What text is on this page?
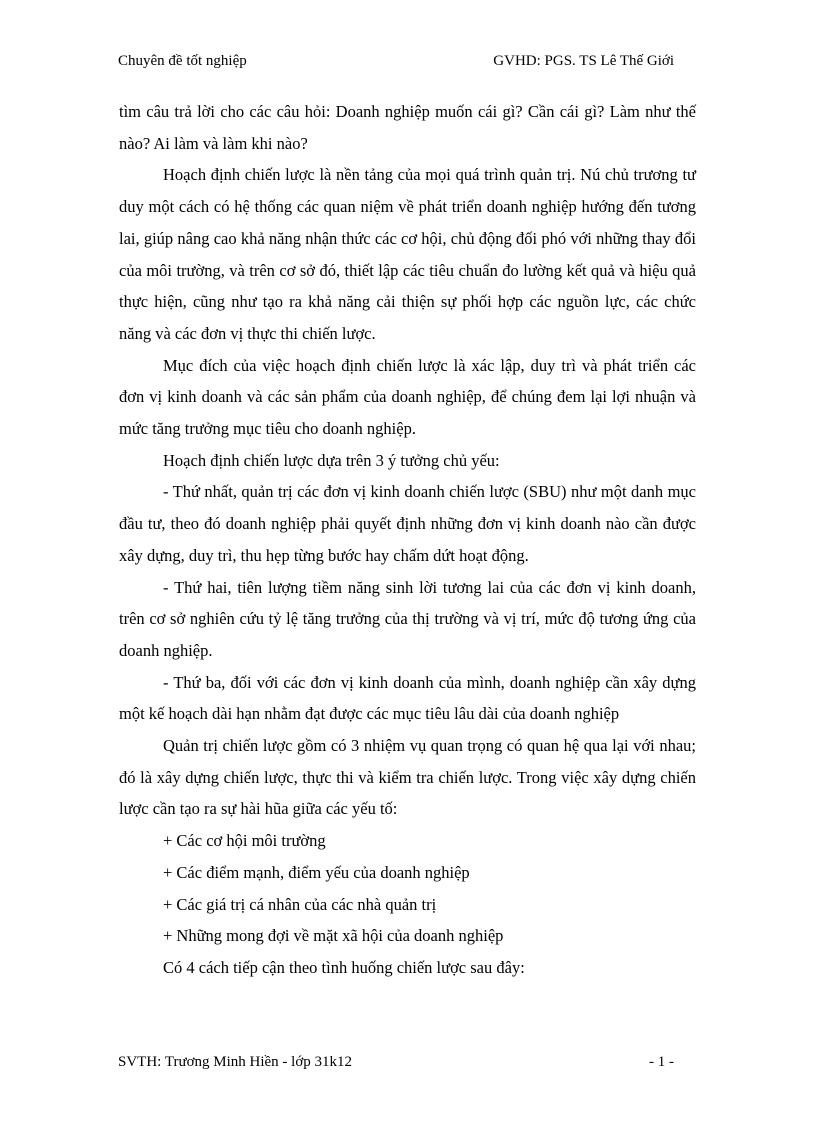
Chuyên đề tốt nghiệp	GVHD: PGS. TS Lê Thế Giới

tìm câu trả lời cho các câu hỏi: Doanh nghiệp muốn cái gì? Cần cái gì? Làm như thế nào? Ai làm và làm khi nào?

Hoạch định chiến lược là nền tảng của mọi quá trình quản trị. Nú chủ trương tư duy một cách có hệ thống các quan niệm về phát triển doanh nghiệp hướng đến tương lai, giúp nâng cao khả năng nhận thức các cơ hội, chủ động đối phó với những thay đổi của môi trường, và trên cơ sở đó, thiết lập các tiêu chuẩn đo lường kết quả và hiệu quả thực hiện, cũng như tạo ra khả năng cải thiện sự phối hợp các nguồn lực, các chức năng và các đơn vị thực thi chiến lược.

Mục đích của việc hoạch định chiến lược là xác lập, duy trì và phát triển các đơn vị kinh doanh và các sản phẩm của doanh nghiệp, để chúng đem lại lợi nhuận và mức tăng trưởng mục tiêu cho doanh nghiệp.

Hoạch định chiến lược dựa trên 3 ý tưởng chủ yếu:

- Thứ nhất, quản trị các đơn vị kinh doanh chiến lược (SBU) như một danh mục đầu tư, theo đó doanh nghiệp phải quyết định những đơn vị kinh doanh nào cần được xây dựng, duy trì, thu hẹp từng bước hay chấm dứt hoạt động.

- Thứ hai, tiên lượng tiềm năng sinh lời tương lai của các đơn vị kinh doanh, trên cơ sở nghiên cứu tỷ lệ tăng trưởng của thị trường và vị trí, mức độ tương ứng của doanh nghiệp.

- Thứ ba, đối với các đơn vị kinh doanh của mình, doanh nghiệp cần xây dựng một kế hoạch dài hạn nhằm đạt được các mục tiêu lâu dài của doanh nghiệp

Quản trị chiến lược gồm có 3 nhiệm vụ quan trọng có quan hệ qua lại với nhau; đó là xây dựng chiến lược, thực thi và kiểm tra chiến lược. Trong việc xây dựng chiến lược cần tạo ra sự hài hũa giữa các yếu tố:

+ Các cơ hội môi trường

+ Các điểm mạnh, điểm yếu của doanh nghiệp

+ Các giá trị cá nhân của các nhà quản trị

+ Những mong đợi về mặt xã hội của doanh nghiệp

Có 4 cách tiếp cận theo tình huống chiến lược sau đây:

SVTH: Trương Minh Hiền - lớp 31k12	- 1 -
